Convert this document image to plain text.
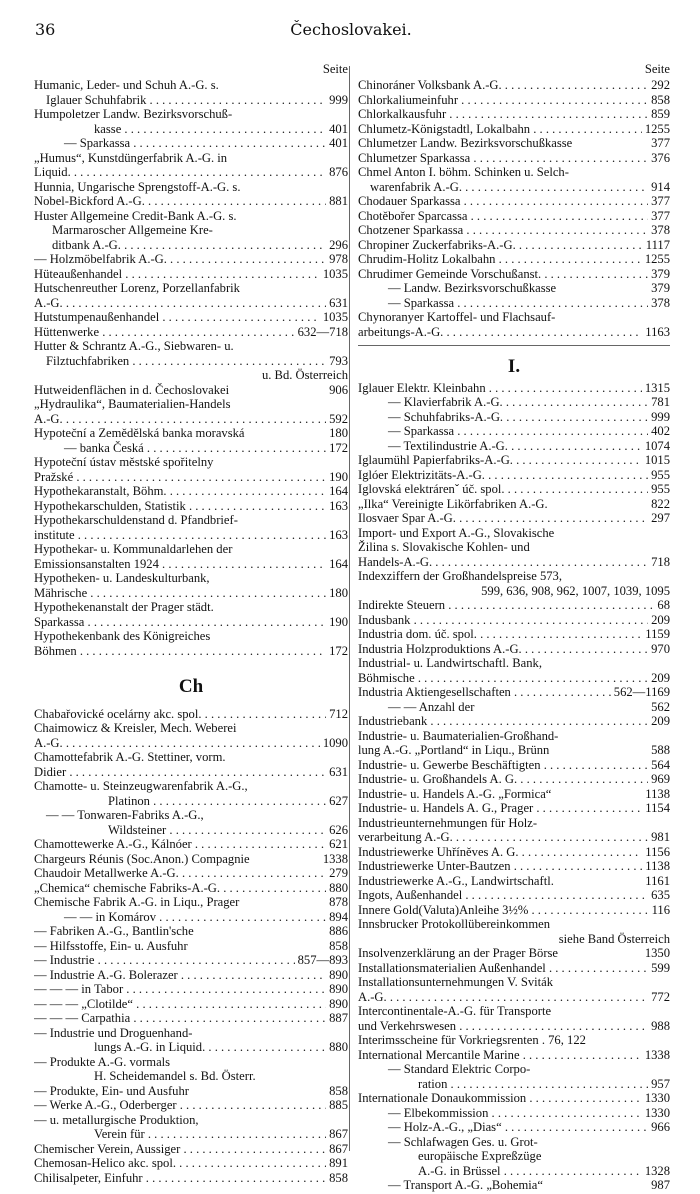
36	Čechoslovakei.
Seite
Humanic, Leder- und Schuh A.-G. s.
Iglauer Schuhfabrik . . .	999
Humpoletzer Landw. Bezirksvorschuß-
kasse . . .	401
— Sparkassa . . .	401
„Humus“, Kunstdüngerfabrik A.-G. in
Liquid. . . .	876
Hunnia, Ungarische Sprengstoff-A.-G. s.
Nobel-Bickford A.-G. . . .	881
Huster Allgemeine Credit-Bank A.-G. s.
Marmaroscher Allgemeine Kre-
ditbank A.-G. . . .	296
— Holzmöbelfabrik A.-G. . . .	978
Hüteaußenhandel . . .	1035
Hutschenreuther Lorenz, Porzellanfabrik
A.-G. . . .	631
Hutstumpenaußenhandel . . .	1035
Hüttenwerke . . .	632—718
Hutter & Schrantz A.-G., Siebwaren- u.
Filztuchfabriken . . .	793
u. Bd. Österreich
Hutweidenflächen in d. Čechoslovakei	906
„Hydraulika“, Baumaterialien-Handels
A.-G. . . .	592
Hypoteční a Zemědělská banka moravská	180
— banka Česká . . .	172
Hypoteční ústav městské spořitelny
Pražské . . .	190
Hypothekaranstalt, Böhm. . . .	164
Hypothekarschulden, Statistik . . .	163
Hypothekarschuldenstand d. Pfandbrief-
institute . . .	163
Hypothekar- u. Kommunaldarlehen der
Emissionsanstalten 1924 . . .	164
Hypotheken- u. Landeskulturbank,
Mährische . . .	180
Hypothekenanstalt der Prager städt.
Sparkassa . . .	190
Hypothekenbank des Königreiches
Böhmen . . .	172
Ch
Chabařovické ocelárny akc. spol. . . .	712
Chaimowicz & Kreisler, Mech. Weberei
A.-G. . . .	1090
Chamottefabrik A.-G. Stettiner, vorm.
Didier . . .	631
Chamotte- u. Steinzeugwarenfabrik A.-G.,
Platinon . . .	627
— — Tonwaren-Fabriks A.-G.,
Wildsteiner . . .	626
Chamottewerke A.-G., Kálnóer . . .	621
Chargeurs Réunis (Soc.Anon.) Compagnie	1338
Chaudoir Metallwerke A.-G. . . .	279
„Chemica“ chemische Fabriks-A.-G. . . .	880
Chemische Fabrik A.-G. in Liqu., Prager	878
— — in Komárov . . .	894
— Fabriken A.-G., Bantlin'sche	886
— Hilfsstoffe, Ein- u. Ausfuhr	858
— Industrie . . .	857—893
— Industrie A.-G. Bolerazer . . .	890
— — — in Tabor . . .	890
— — — „Clotilde“ . . .	890
— — — Carpathia . . .	887
— Industrie und Droguenhand-
lungs A.-G. in Liquid. . . .	880
— Produkte A.-G. vormals
H. Scheidemandel s. Bd. Österr.
— Produkte, Ein- und Ausfuhr	858
— Werke A.-G., Oderberger . . .	885
— u. metallurgische Produktion,
Verein für . . .	867
Chemischer Verein, Aussiger . . .	867
Chemosan-Helico akc. spol. . . .	891
Chilisalpeter, Einfuhr . . .	858
Seite
Chinoráner Volksbank A.-G. . . .	292
Chlorkaliumeinfuhr . . .	858
Chlorkalkausfuhr . . .	859
Chlumetz-Königstadtl, Lokalbahn . . .	1255
Chlumetzer Landw. Bezirksvorschußkasse	377
Chlumetzer Sparkassa . . .	376
Chmel Anton I. böhm. Schinken u. Selch-
warenfabrik A.-G. . . .	914
Chodauer Sparkassa . . .	377
Chotěbořer Sparcassa . . .	377
Chotzener Sparkassa . . .	378
Chropiner Zuckerfabriks-A.-G. . . .	1117
Chrudim-Holitz Lokalbahn . . .	1255
Chrudimer Gemeinde Vorschußanst. . . .	379
— Landw. Bezirksvorschußkasse	379
— Sparkassa . . .	378
Chynoranyer Kartoffel- und Flachsauf-
arbeitungs-A.-G. . . .	1163
I.
Iglauer Elektr. Kleinbahn . . .	1315
— Klavierfabrik A.-G. . . .	781
— Schuhfabriks-A.-G. . . .	999
— Sparkassa . . .	402
— Textilindustrie A.-G. . . .	1074
Iglaumühl Papierfabriks-A.-G. . . .	1015
Iglóer Elektrizitäts-A.-G. . . .	955
Iglovská elektrárenˇ úč. spol. . . .	955
„Ilka“ Vereinigte Likörfabriken A.-G.	822
Ilosvaer Spar A.-G. . . .	297
Import- und Export A.-G., Slovakische
Žilina s. Slovakische Kohlen- und
Handels-A.-G. . . .	718
Indexziffern der Großhandelspreise 573,
599, 636, 908, 962, 1007, 1039, 1095
Indirekte Steuern . . .	68
Indusbank . . .	209
Industria dom. úč. spol. . . .	1159
Industria Holzproduktions A.-G. . . .	970
Industrial- u. Landwirtschaftl. Bank,
Böhmische . . .	209
Industria Aktiengesellschaften . . .	562—1169
— — Anzahl der	562
Industriebank . . .	209
Industrie- u. Baumaterialien-Großhand-
lung A.-G. „Portland“ in Liqu., Brünn	588
Industrie- u. Gewerbe Beschäftigten . . .	564
Industrie- u. Großhandels A. G. . . .	969
Industrie- u. Handels A.-G. „Formica“	1138
Industrie- u. Handels A. G., Prager . . .	1154
Industrieunternehmungen für Holz-
verarbeitung A.-G. . . .	981
Industriewerke Uhříněves A. G. . . .	1156
Industriewerke Unter-Bautzen . . .	1138
Industriewerke A.-G., Landwirtschaftl.	1161
Ingots, Außenhandel . . .	635
Innere Gold(Valuta)Anleihe 3½% . . .	116
Innsbrucker Protokollübereinkommen
siehe Band Österreich
Insolvenzerklärung an der Prager Börse	1350
Installationsmaterialien Außenhandel . . .	599
Installationsunternehmungen V. Sviták
A.-G. . . .	772
Intercontinentale-A.-G. für Transporte
und Verkehrswesen . . .	988
Interimsscheine für Vorkriegsrenten . 76, 122
International Mercantile Marine . . .	1338
— Standard Elektric Corpo-
ration . . .	957
Internationale Donaukommission . . .	1330
— Elbekommission . . .	1330
— Holz-A.-G., „Dias“ . . .	966
— Schlafwagen Ges. u. Grot-
europäische Expreßzüge
A.-G. in Brüssel . . .	1328
— Transport A.-G. „Bohemia“	987
